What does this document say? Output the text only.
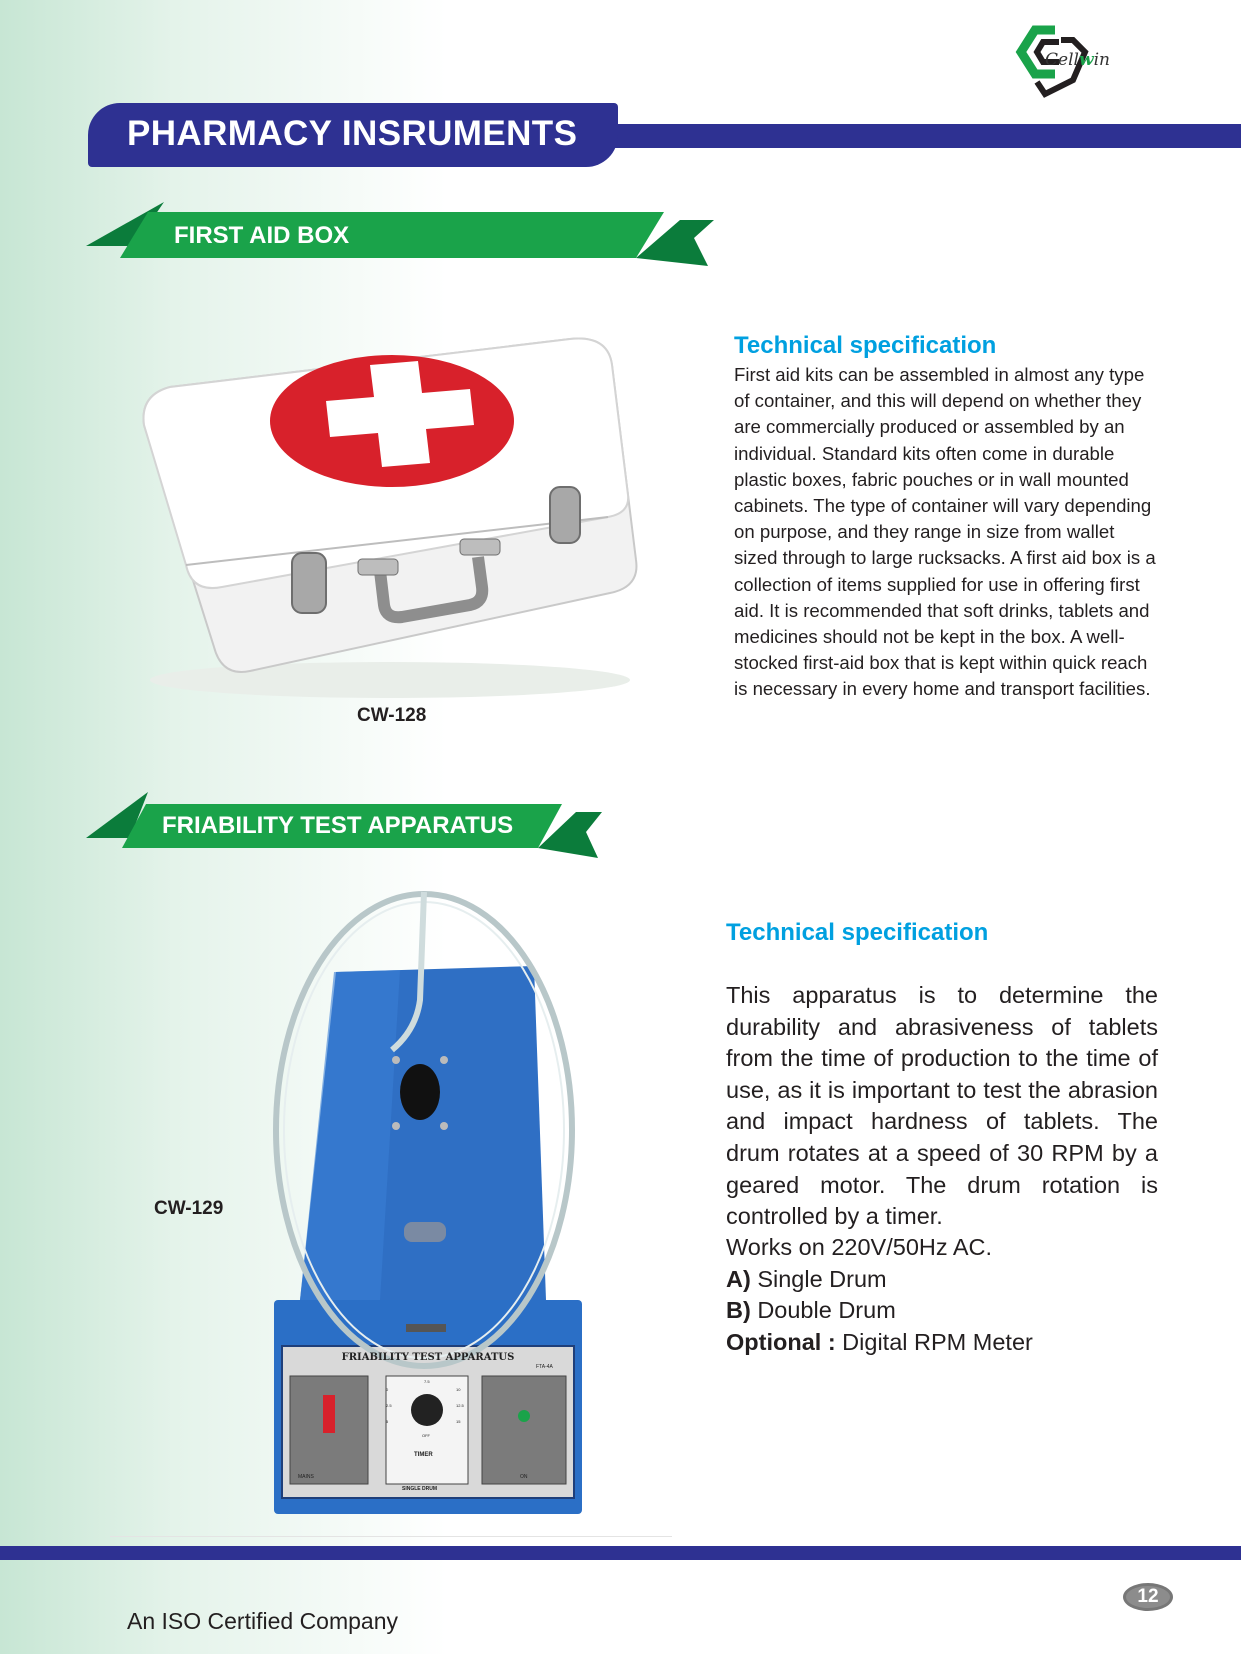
Cellwin
PHARMACY INSRUMENTS
FIRST AID BOX
CW-128
Technical specification
First aid kits can be assembled in almost any type of container, and this will depend on whether they are commercially produced or assembled by an individual. Standard kits often come in durable plastic boxes, fabric pouches or in wall mounted cabinets. The type of container will vary depending on purpose, and they range in size from wallet sized through to large rucksacks. A first aid box is a collection of items supplied for use in offering first aid. It is recommended that soft drinks, tablets and medicines should not be kept in the box. A well-stocked first-aid box that is kept within quick reach is necessary in every home and transport facilities.
FRIABILITY TEST APPARATUS
FRIABILITY TEST APPARATUS
FTA-4A
MAINS	ON
TIMER
SINGLE DRUM
0
2.5
5
7.5
10
12.5
15
OFF
CW-129
Technical specification
This apparatus is to determine the durability and abrasiveness of tablets from the time of production to the time of use, as it is important to test the abrasion and impact hardness of tablets. The drum rotates at a speed of 30 RPM by a geared motor. The drum rotation is controlled by a timer.
Works on 220V/50Hz AC.
A) Single Drum
B) Double Drum
Optional : Digital RPM Meter
An ISO Certified Company
12
